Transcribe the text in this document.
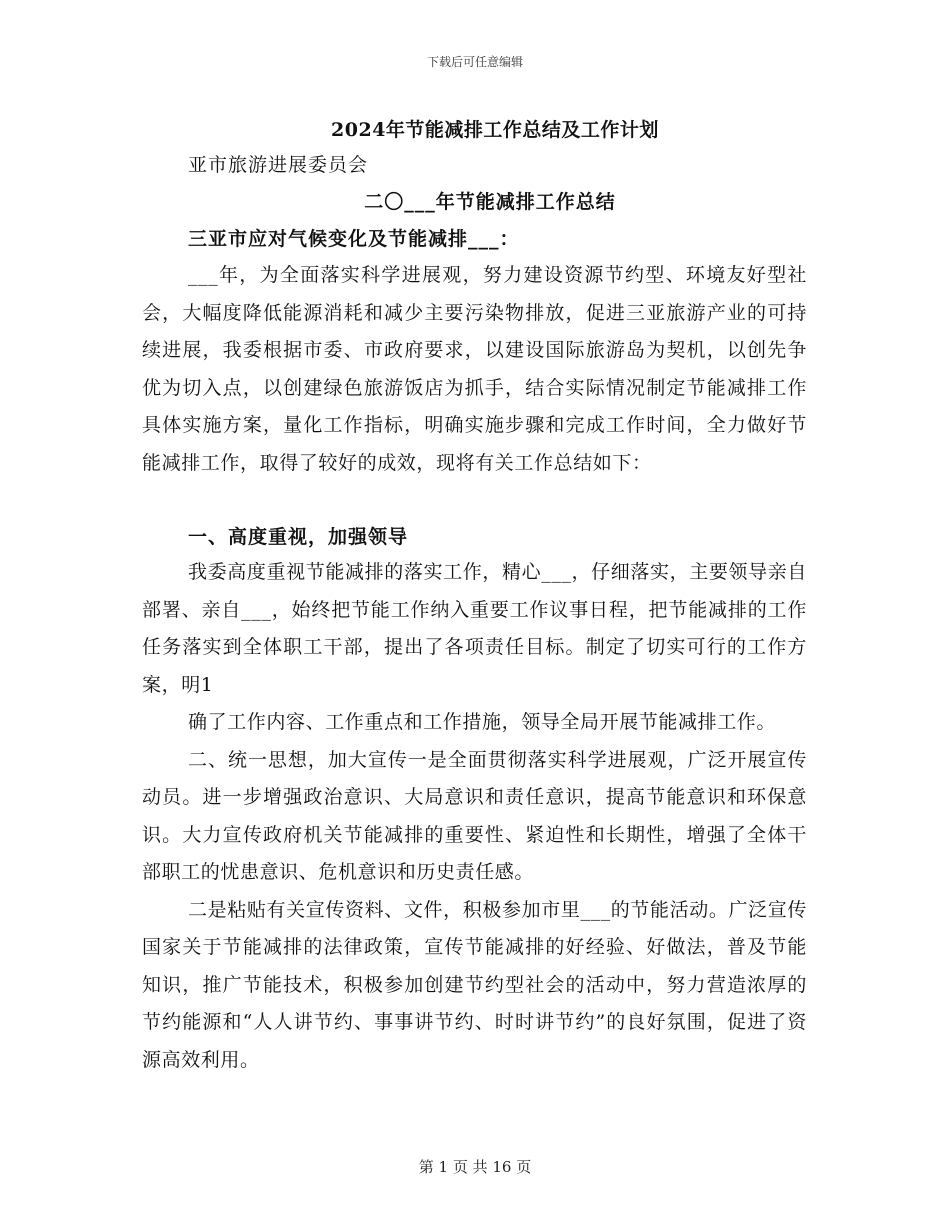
下载后可任意编辑
2024年节能减排工作总结及工作计划
亚市旅游进展委员会
二〇___年节能减排工作总结
三亚市应对气候变化及节能减排___：

___年，为全面落实科学进展观，努力建设资源节约型、环境友好型社会，大幅度降低能源消耗和减少主要污染物排放，促进三亚旅游产业的可持续进展，我委根据市委、市政府要求，以建设国际旅游岛为契机，以创先争优为切入点，以创建绿色旅游饭店为抓手，结合实际情况制定节能减排工作具体实施方案，量化工作指标，明确实施步骤和完成工作时间，全力做好节能减排工作，取得了较好的成效，现将有关工作总结如下：

一、高度重视，加强领导

我委高度重视节能减排的落实工作，精心___，仔细落实，主要领导亲自部署、亲自___，始终把节能工作纳入重要工作议事日程，把节能减排的工作任务落实到全体职工干部，提出了各项责任目标。制定了切实可行的工作方案，明1

确了工作内容、工作重点和工作措施，领导全局开展节能减排工作。

二、统一思想，加大宣传一是全面贯彻落实科学进展观，广泛开展宣传动员。进一步增强政治意识、大局意识和责任意识，提高节能意识和环保意识。大力宣传政府机关节能减排的重要性、紧迫性和长期性，增强了全体干部职工的忧患意识、危机意识和历史责任感。

二是粘贴有关宣传资料、文件，积极参加市里___的节能活动。广泛宣传国家关于节能减排的法律政策，宣传节能减排的好经验、好做法，普及节能知识，推广节能技术，积极参加创建节约型社会的活动中，努力营造浓厚的节约能源和“人人讲节约、事事讲节约、时时讲节约”的良好氛围，促进了资源高效利用。

第 1 页 共 16 页
